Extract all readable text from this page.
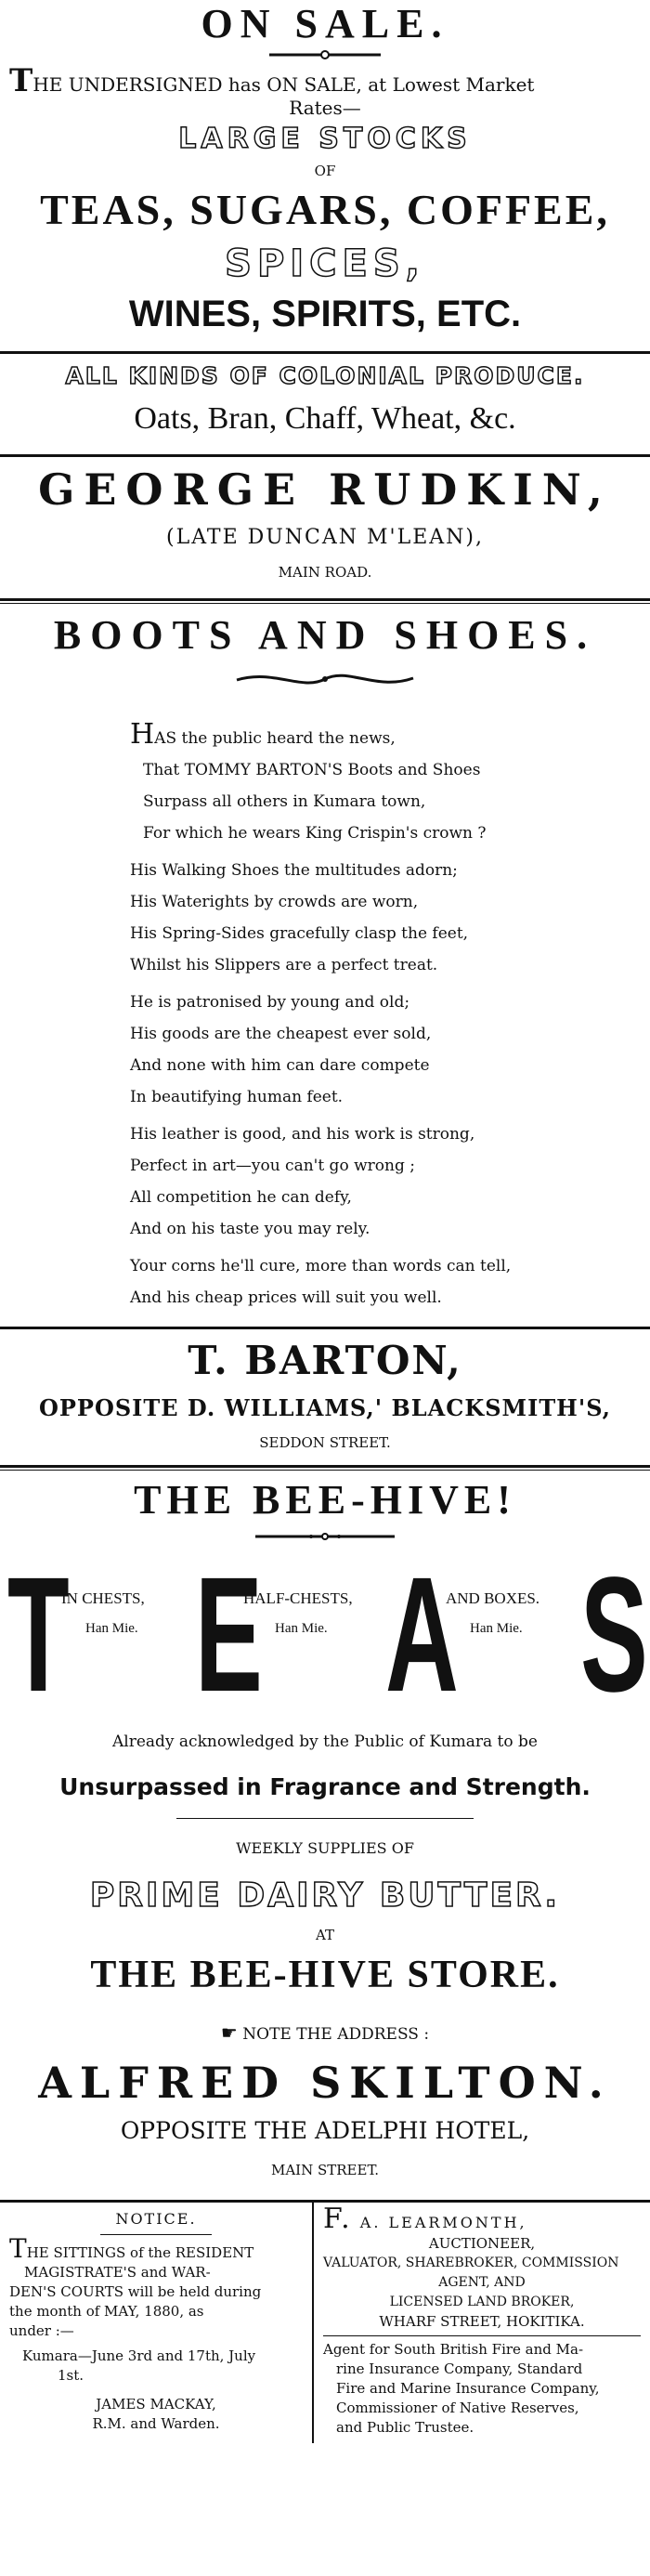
ON SALE.
THE UNDERSIGNED has ON SALE, at Lowest Market
Rates—
LARGE STOCKS
OF
TEAS, SUGARS, COFFEE,
SPICES,
WINES, SPIRITS, ETC.
ALL KINDS OF COLONIAL PRODUCE.
Oats, Bran, Chaff, Wheat, &c.
GEORGE RUDKIN,
(LATE DUNCAN M'LEAN),
MAIN ROAD.
BOOTS AND SHOES.

HAS the public heard the news,

That TOMMY BARTON'S Boots and Shoes

Surpass all others in Kumara town,

For which he wears King Crispin's crown ?

His Walking Shoes the multitudes adorn;

His Waterights by crowds are worn,

His Spring-Sides gracefully clasp the feet,

Whilst his Slippers are a perfect treat.

He is patronised by young and old;

His goods are the cheapest ever sold,

And none with him can dare compete

In beautifying human feet.

His leather is good, and his work is strong,

Perfect in art—you can't go wrong ;

All competition he can defy,

And on his taste you may rely.

Your corns he'll cure, more than words can tell,

And his cheap prices will suit you well.

T. BARTON,
OPPOSITE D. WILLIAMS,' BLACKSMITH'S,
SEDDON STREET.
THE BEE-HIVE!
T E A S
IN CHESTS,
Han Mie.
HALF-CHESTS,
Han Mie.
AND BOXES.
Han Mie.
Already acknowledged by the Public of Kumara to be
Unsurpassed in Fragrance and Strength.
WEEKLY SUPPLIES OF
PRIME DAIRY BUTTER.
AT
THE BEE-HIVE STORE.
☛ NOTE THE ADDRESS :
ALFRED SKILTON.
OPPOSITE THE ADELPHI HOTEL,
MAIN STREET.
NOTICE.
THE SITTINGS of the RESIDENT
MAGISTRATE'S and WAR-
DEN'S COURTS will be held during
the month of MAY, 1880, as
under :—
Kumara—June 3rd and 17th, July
1st.
JAMES MACKAY,
R.M. and Warden.
F. A. LEARMONTH,
AUCTIONEER,
VALUATOR, SHAREBROKER, COMMISSION
AGENT, AND
LICENSED LAND BROKER,
WHARF STREET, HOKITIKA.
Agent for South British Fire and Ma-
rine Insurance Company, Standard
Fire and Marine Insurance Company,
Commissioner of Native Reserves,
and Public Trustee.
